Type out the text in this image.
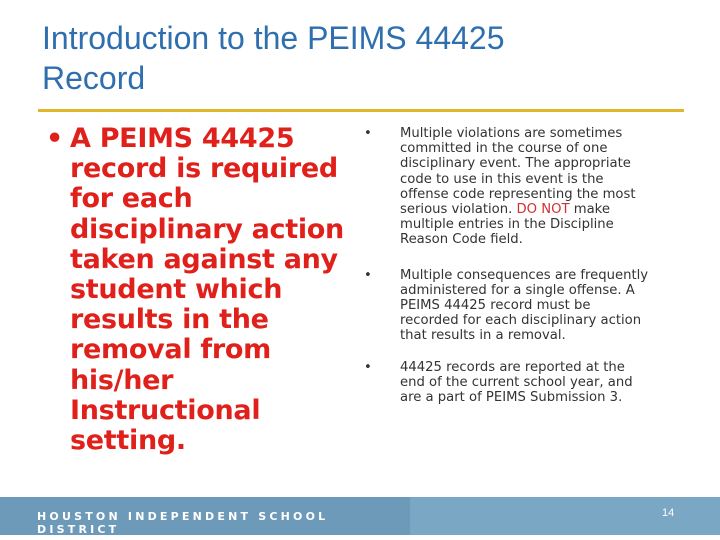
Introduction to the PEIMS 44425
Record
• A PEIMS 44425
record is required
for each
disciplinary action
taken against any
student which
results in the
removal from
his/her
Instructional
setting.
• Multiple violations are sometimes
committed in the course of one
disciplinary event. The appropriate
code to use in this event is the
offense code representing the most
serious violation. DO NOT make
multiple entries in the Discipline
Reason Code field.
• Multiple consequences are frequently
administered for a single offense. A
PEIMS 44425 record must be
recorded for each disciplinary action
that results in a removal.
• 44425 records are reported at the
end of the current school year, and
are a part of PEIMS Submission 3.
HOUSTON INDEPENDENT SCHOOL DISTRICT
14
